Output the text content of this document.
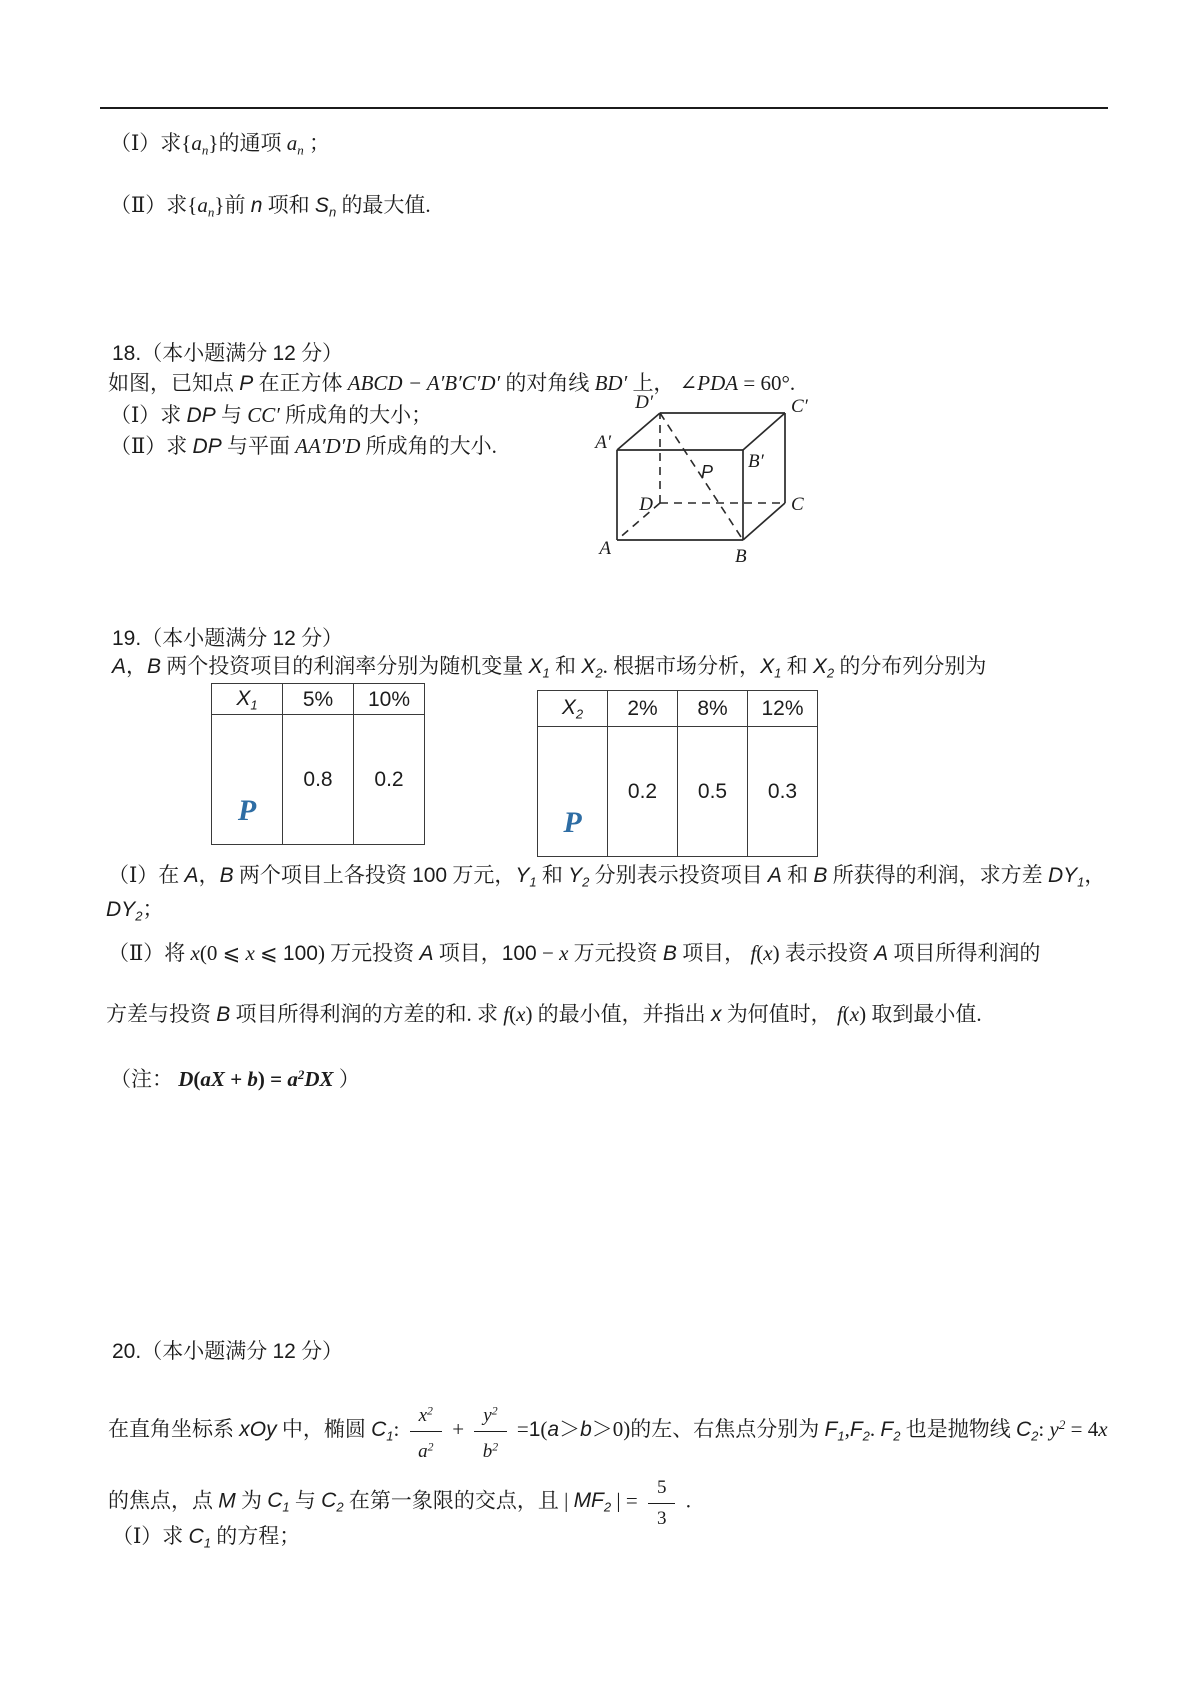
（Ⅰ）求$\{a_n\}$的通项 $a_n$ ；
（Ⅱ）求$\{a_n\}$前 n 项和 $S_n$ 的最大值.
18.（本小题满分 12 分）
如图，已知点 P 在正方体 ABCD − A′B′C′D′ 的对角线 BD′ 上， ∠PDA = 60°.
（Ⅰ）求 DP 与 CC′ 所成角的大小；
（Ⅱ）求 DP 与平面 AA′D′D 所成角的大小.
D′	C′
A′
B′
D	C
A	B
P
19.（本小题满分 12 分）
A，B 两个投资项目的利润率分别为随机变量 $X_1$ 和 $X_2$. 根据市场分析，$X_1$ 和 $X_2$ 的分布列分别为
$X_1$	5%	10%
P	0.8	0.2
$X_2$	2%	8%	12%
P	0.2	0.5	0.3
（Ⅰ）在 A，B 两个项目上各投资 100 万元，$Y_1$ 和 $Y_2$ 分别表示投资项目 A 和 B 所获得的利润，求方差 $DY_1$，
$DY_2$；
（Ⅱ）将 x(0 ⩽ x ⩽ 100) 万元投资 A 项目，100 − x 万元投资 B 项目， f(x) 表示投资 A 项目所得利润的
方差与投资 B 项目所得利润的方差的和. 求 f(x) 的最小值，并指出 x 为何值时， f(x) 取到最小值.
（注： $D(aX + b) = a^2DX$ ）
20.（本小题满分 12 分）
在直角坐标系 xOy 中，椭圆 $C_1$: $\frac{x^2}{a^2} + \frac{y^2}{b^2} =1(a>b>0)$的左、右焦点分别为 $F_1,F_2$. $F_2$ 也是抛物线 $C_2$: $y^2 = 4x$
的焦点，点 M 为 $C_1$ 与 $C_2$ 在第一象限的交点，且 | $MF_2$ | = $\frac{5}{3}$ .
（Ⅰ）求 $C_1$ 的方程；
